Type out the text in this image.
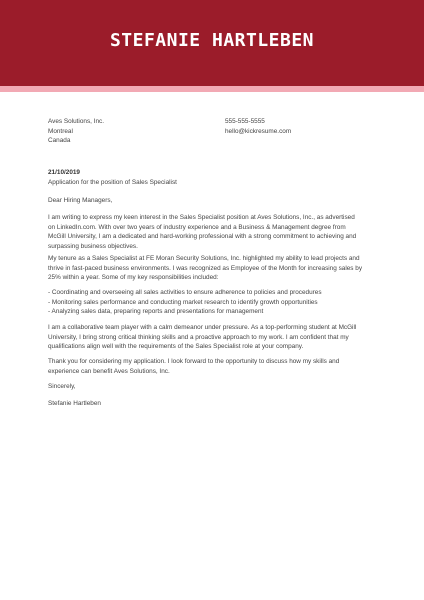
STEFANIE HARTLEBEN
Aves Solutions, Inc.
Montreal
Canada
555-555-5555
hello@kickresume.com
21/10/2019
Application for the position of Sales Specialist
Dear Hiring Managers,
I am writing to express my keen interest in the Sales Specialist position at Aves Solutions, Inc., as advertised
on LinkedIn.com. With over two years of industry experience and a Business & Management degree from
McGill University, I am a dedicated and hard-working professional with a strong commitment to achieving and
surpassing business objectives.
My tenure as a Sales Specialist at FE Moran Security Solutions, Inc. highlighted my ability to lead projects and
thrive in fast-paced business environments. I was recognized as Employee of the Month for increasing sales by
25% within a year. Some of my key responsibilities included:
- Coordinating and overseeing all sales activities to ensure adherence to policies and procedures
- Monitoring sales performance and conducting market research to identify growth opportunities
- Analyzing sales data, preparing reports and presentations for management
I am a collaborative team player with a calm demeanor under pressure. As a top-performing student at McGill
University, I bring strong critical thinking skills and a proactive approach to my work. I am confident that my
qualifications align well with the requirements of the Sales Specialist role at your company.
Thank you for considering my application. I look forward to the opportunity to discuss how my skills and
experience can benefit Aves Solutions, Inc.
Sincerely,
Stefanie Hartleben
